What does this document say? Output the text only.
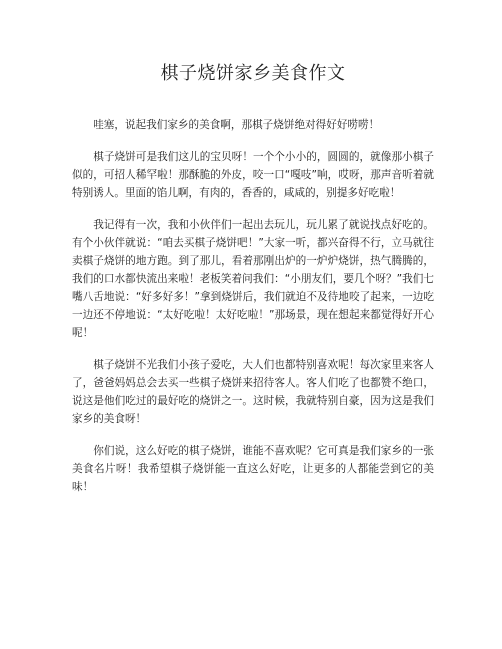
棋子烧饼家乡美食作文

哇塞，说起我们家乡的美食啊，那棋子烧饼绝对得好好唠唠！

棋子烧饼可是我们这儿的宝贝呀！一个个小小的，圆圆的，就像那小棋子似的，可招人稀罕啦！那酥脆的外皮，咬一口“嘎吱”响，哎呀，那声音听着就特别诱人。里面的馅儿啊，有肉的，香香的，咸咸的，别提多好吃啦！

我记得有一次，我和小伙伴们一起出去玩儿，玩儿累了就说找点好吃的。有个小伙伴就说：“咱去买棋子烧饼吧！”大家一听，都兴奋得不行，立马就往卖棋子烧饼的地方跑。到了那儿，看着那刚出炉的一炉炉烧饼，热气腾腾的，我们的口水都快流出来啦！老板笑着问我们：“小朋友们，要几个呀？”我们七嘴八舌地说：“好多好多！”拿到烧饼后，我们就迫不及待地咬了起来，一边吃一边还不停地说：“太好吃啦！太好吃啦！”那场景，现在想起来都觉得好开心呢！

棋子烧饼不光我们小孩子爱吃，大人们也都特别喜欢呢！每次家里来客人了，爸爸妈妈总会去买一些棋子烧饼来招待客人。客人们吃了也都赞不绝口，说这是他们吃过的最好吃的烧饼之一。这时候，我就特别自豪，因为这是我们家乡的美食呀！

你们说，这么好吃的棋子烧饼，谁能不喜欢呢？它可真是我们家乡的一张美食名片呀！我希望棋子烧饼能一直这么好吃，让更多的人都能尝到它的美味！
